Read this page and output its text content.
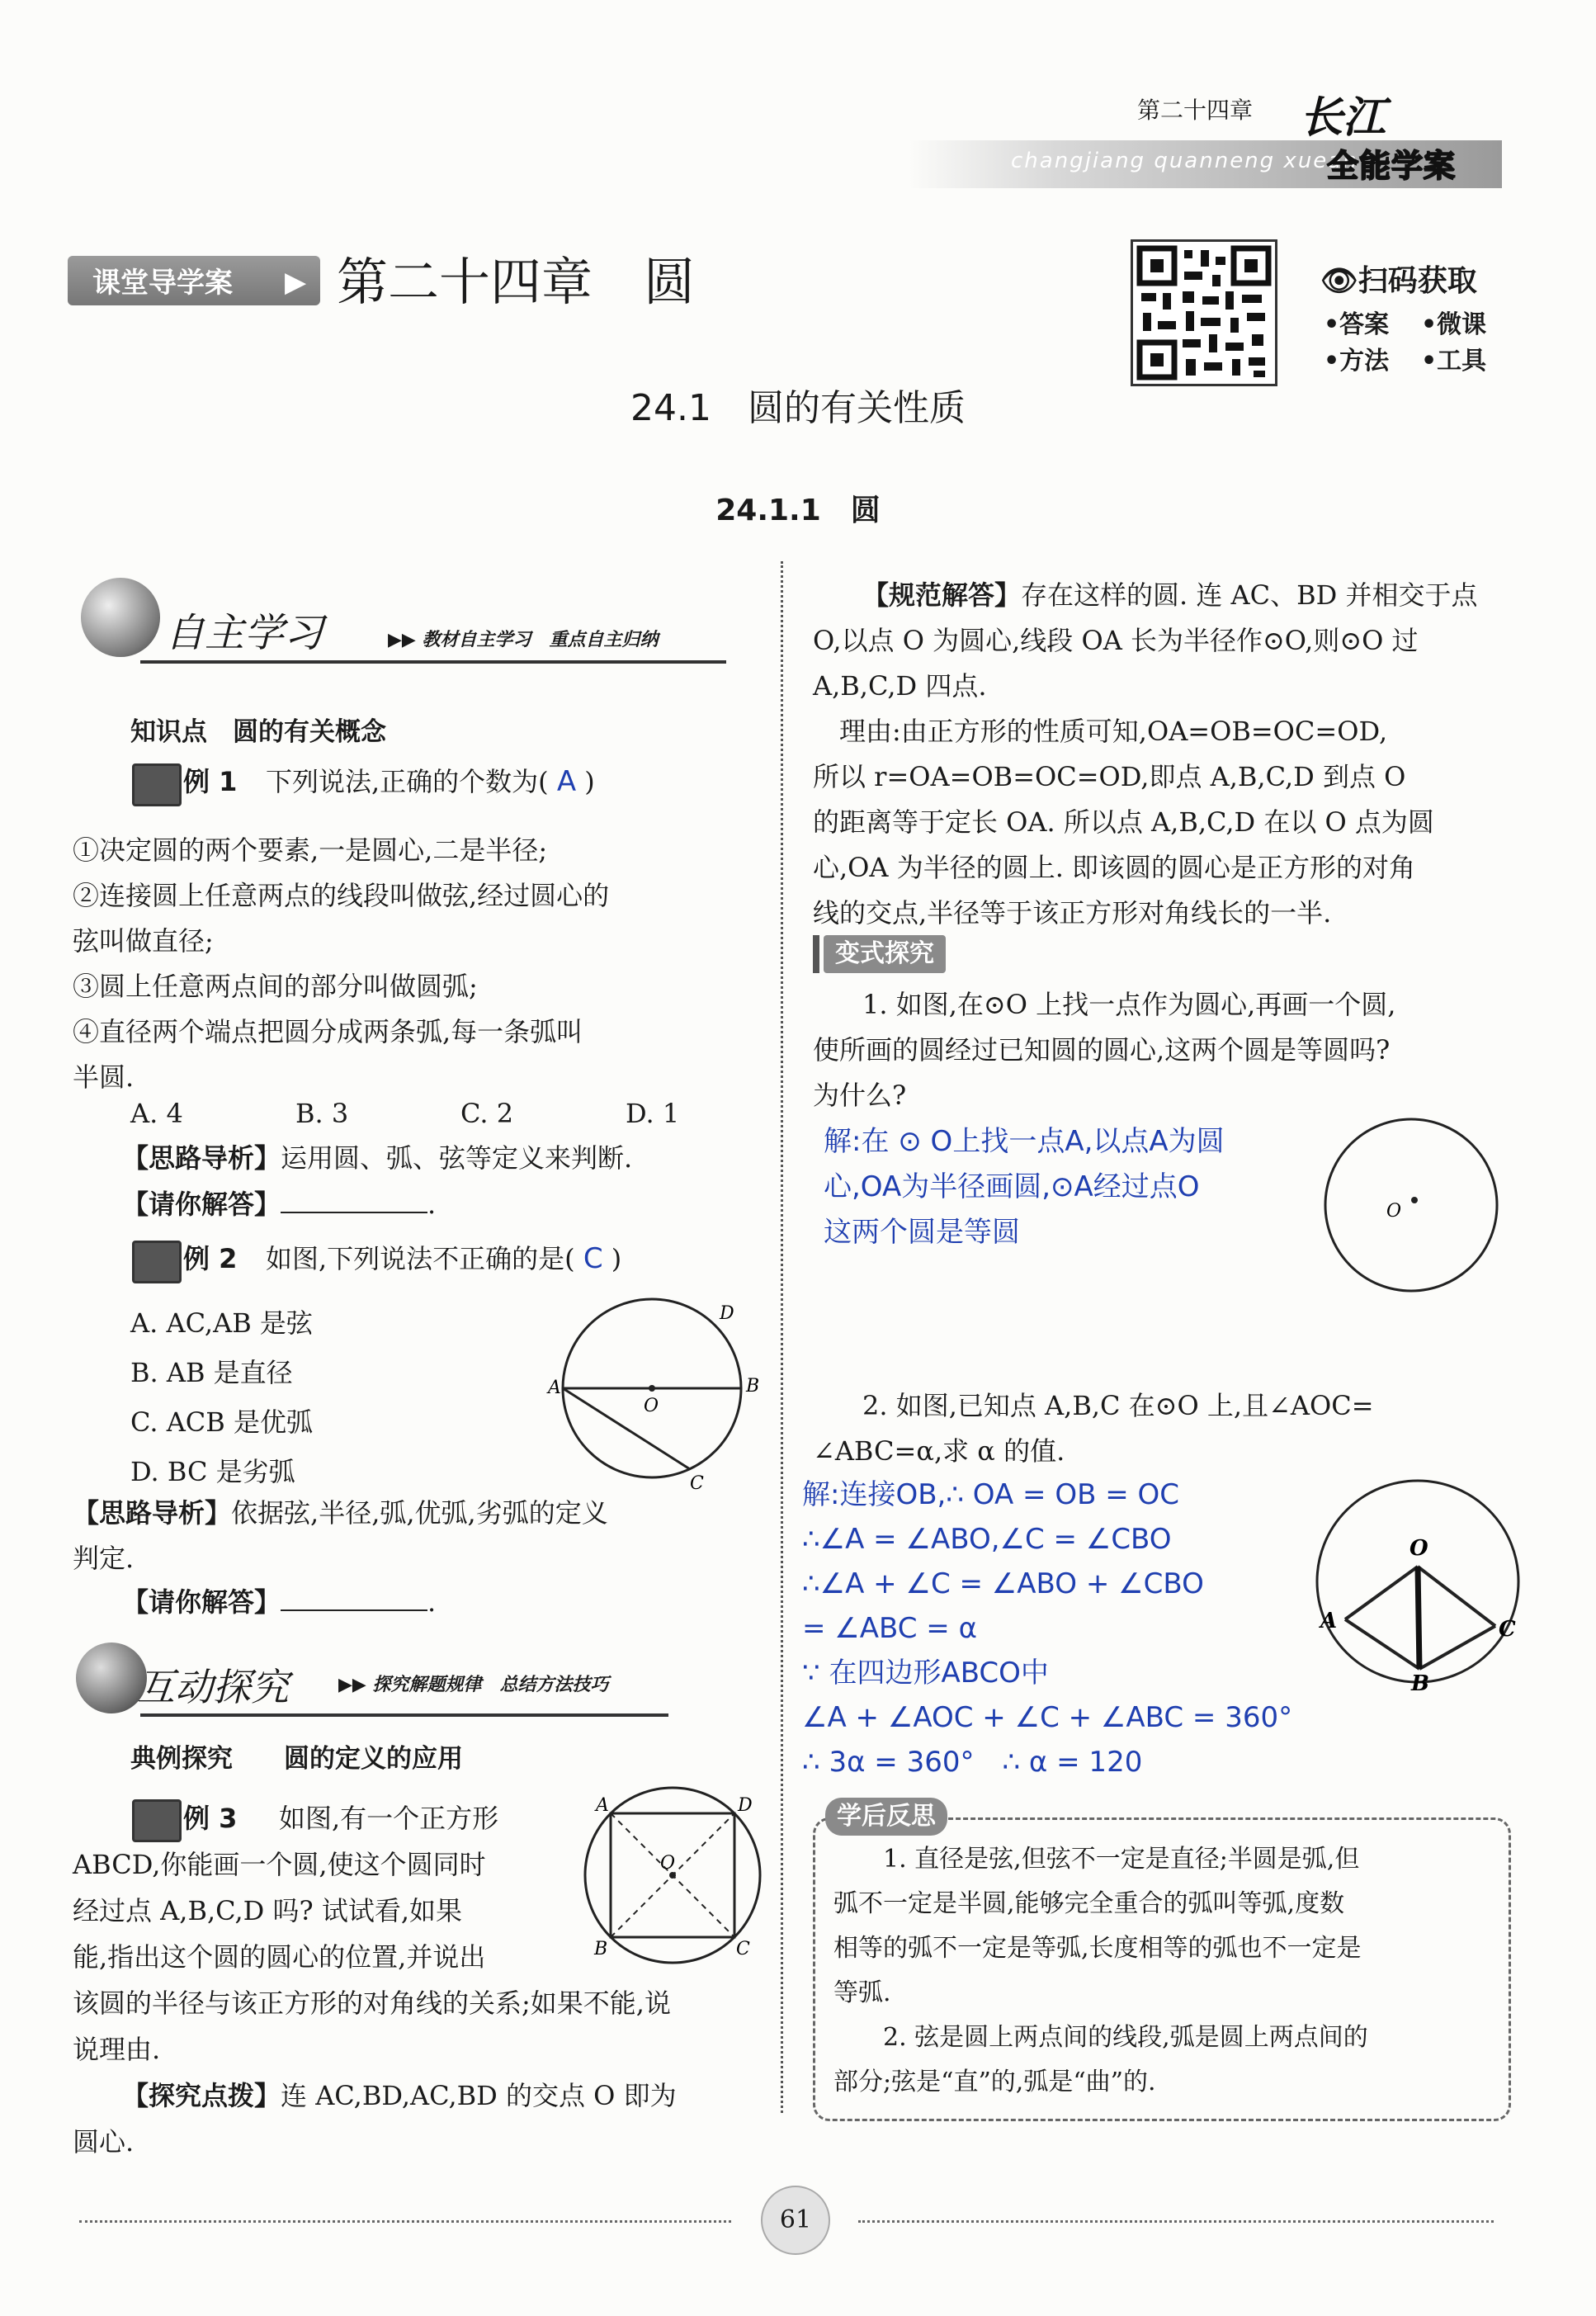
changjiang quanneng xuean
第二十四章 长江
全能学案
课堂导学案 ▶ 第二十四章　圆	👁扫码获取
•答案 •微课
•方法 •工具
24.1　圆的有关性质
24.1.1　圆
自主学习	▶▶ 教材自主学习　重点自主归纳
知识点　圆的有关概念
例 1 下列说法,正确的个数为( A )
①决定圆的两个要素,一是圆心,二是半径;
②连接圆上任意两点的线段叫做弦,经过圆心的
弦叫做直径;
③圆上任意两点间的部分叫做圆弧;
④直径两个端点把圆分成两条弧,每一条弧叫
半圆.
A. 4	B. 3	C. 2	D. 1
【思路导析】运用圆、弧、弦等定义来判断.
【请你解答】	.
例 2 如图,下列说法不正确的是( C )
A. AC,AB 是弦
B. AB 是直径
C. ACB 是优弧
D. BC 是劣弧
A	B
C
D
O
【思路导析】依据弦,半径,弧,优弧,劣弧的定义
判定.
【请你解答】	.
互动探究	▶▶ 探究解题规律　总结方法技巧
典例探究　　圆的定义的应用
例 3 如图,有一个正方形
ABCD,你能画一个圆,使这个圆同时
经过点 A,B,C,D 吗? 试试看,如果
能,指出这个圆的圆心的位置,并说出
该圆的半径与该正方形的对角线的关系;如果不能,说
说理由.
A
B	C
D
O
【探究点拨】连 AC,BD,AC,BD 的交点 O 即为
圆心.
【规范解答】存在这样的圆. 连 AC、BD 并相交于点
O,以点 O 为圆心,线段 OA 长为半径作⊙O,则⊙O 过
A,B,C,D 四点.
　理由:由正方形的性质可知,OA=OB=OC=OD,
所以 r=OA=OB=OC=OD,即点 A,B,C,D 到点 O
的距离等于定长 OA. 所以点 A,B,C,D 在以 O 点为圆
心,OA 为半径的圆上. 即该圆的圆心是正方形的对角
线的交点,半径等于该正方形对角线长的一半.
变式探究
1. 如图,在⊙O 上找一点作为圆心,再画一个圆,
使所画的圆经过已知圆的圆心,这两个圆是等圆吗?
为什么?
解:在 ⊙ O上找一点A,以点A为圆
心,OA为半径画圆,⊙A经过点O
这两个圆是等圆
O
2. 如图,已知点 A,B,C 在⊙O 上,且∠AOC=
∠ABC=α,求 α 的值.
解:连接OB,∴ OA = OB = OC
∴∠A = ∠ABO,∠C = ∠CBO
∴∠A + ∠C = ∠ABO + ∠CBO
= ∠ABC = α
∵ 在四边形ABCO中
∠A + ∠AOC + ∠C + ∠ABC = 360°
∴ 3α = 360°　∴ α = 120
O
A	C
B
学后反思
1. 直径是弦,但弦不一定是直径;半圆是弧,但
弧不一定是半圆,能够完全重合的弧叫等弧,度数
相等的弧不一定是等弧,长度相等的弧也不一定是
等弧.
2. 弦是圆上两点间的线段,弧是圆上两点间的
部分;弦是“直”的,弧是“曲”的.
61
